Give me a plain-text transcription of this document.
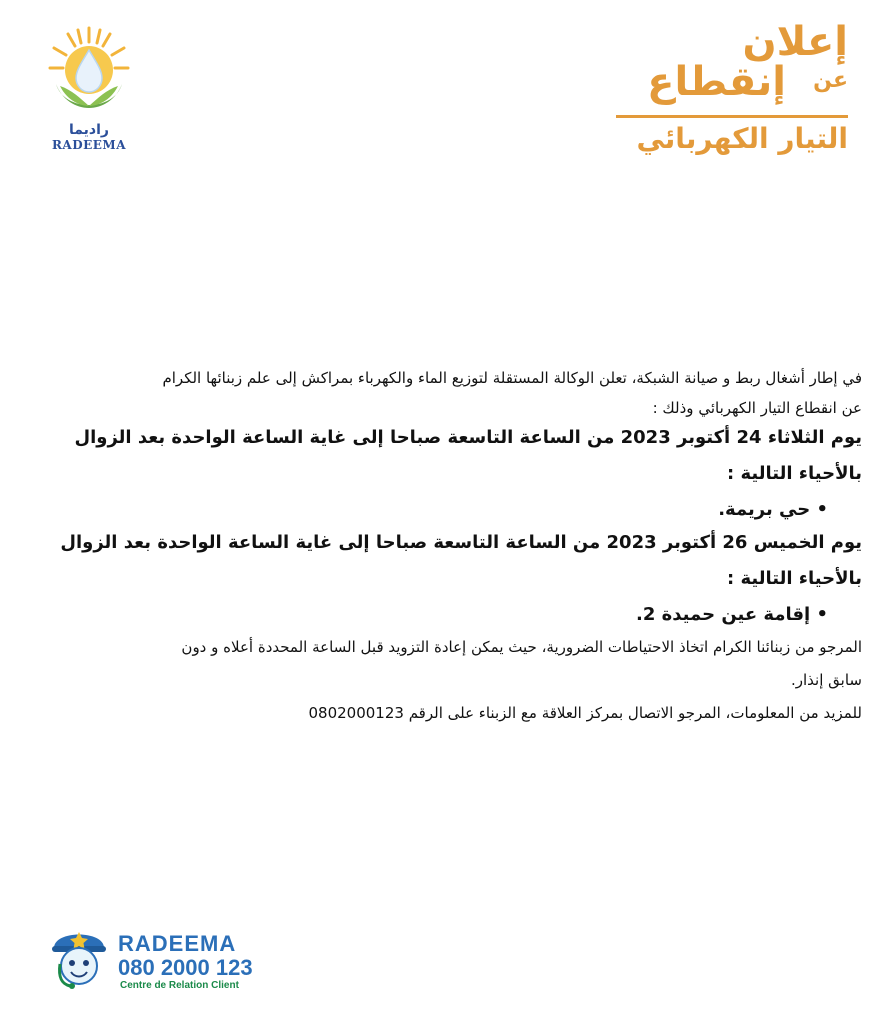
راديما
RADEEMA
إعلان
عن
إنقطاع
التيار الكهربائي
في إطار أشغال ربط و صيانة الشبكة، تعلن الوكالة المستقلة لتوزيع الماء والكهرباء بمراكش إلى علم زبنائها الكرام
عن انقطاع التيار الكهربائي وذلك :
يوم الثلاثاء 24 أكتوبر 2023 من الساعة التاسعة صباحا إلى غاية الساعة الواحدة بعد الزوال
بالأحياء التالية :
• حي بريمة.
يوم الخميس 26 أكتوبر 2023 من الساعة التاسعة صباحا إلى غاية الساعة الواحدة بعد الزوال
بالأحياء التالية :
• إقامة عين حميدة 2.
المرجو من زبنائنا الكرام اتخاذ الاحتياطات الضرورية، حيث يمكن إعادة التزويد قبل الساعة المحددة أعلاه و دون
سابق إنذار.
للمزيد من المعلومات، المرجو الاتصال بمركز العلاقة مع الزبناء على الرقم 0802000123
RADEEMA
080 2000 123
Centre de Relation Client
